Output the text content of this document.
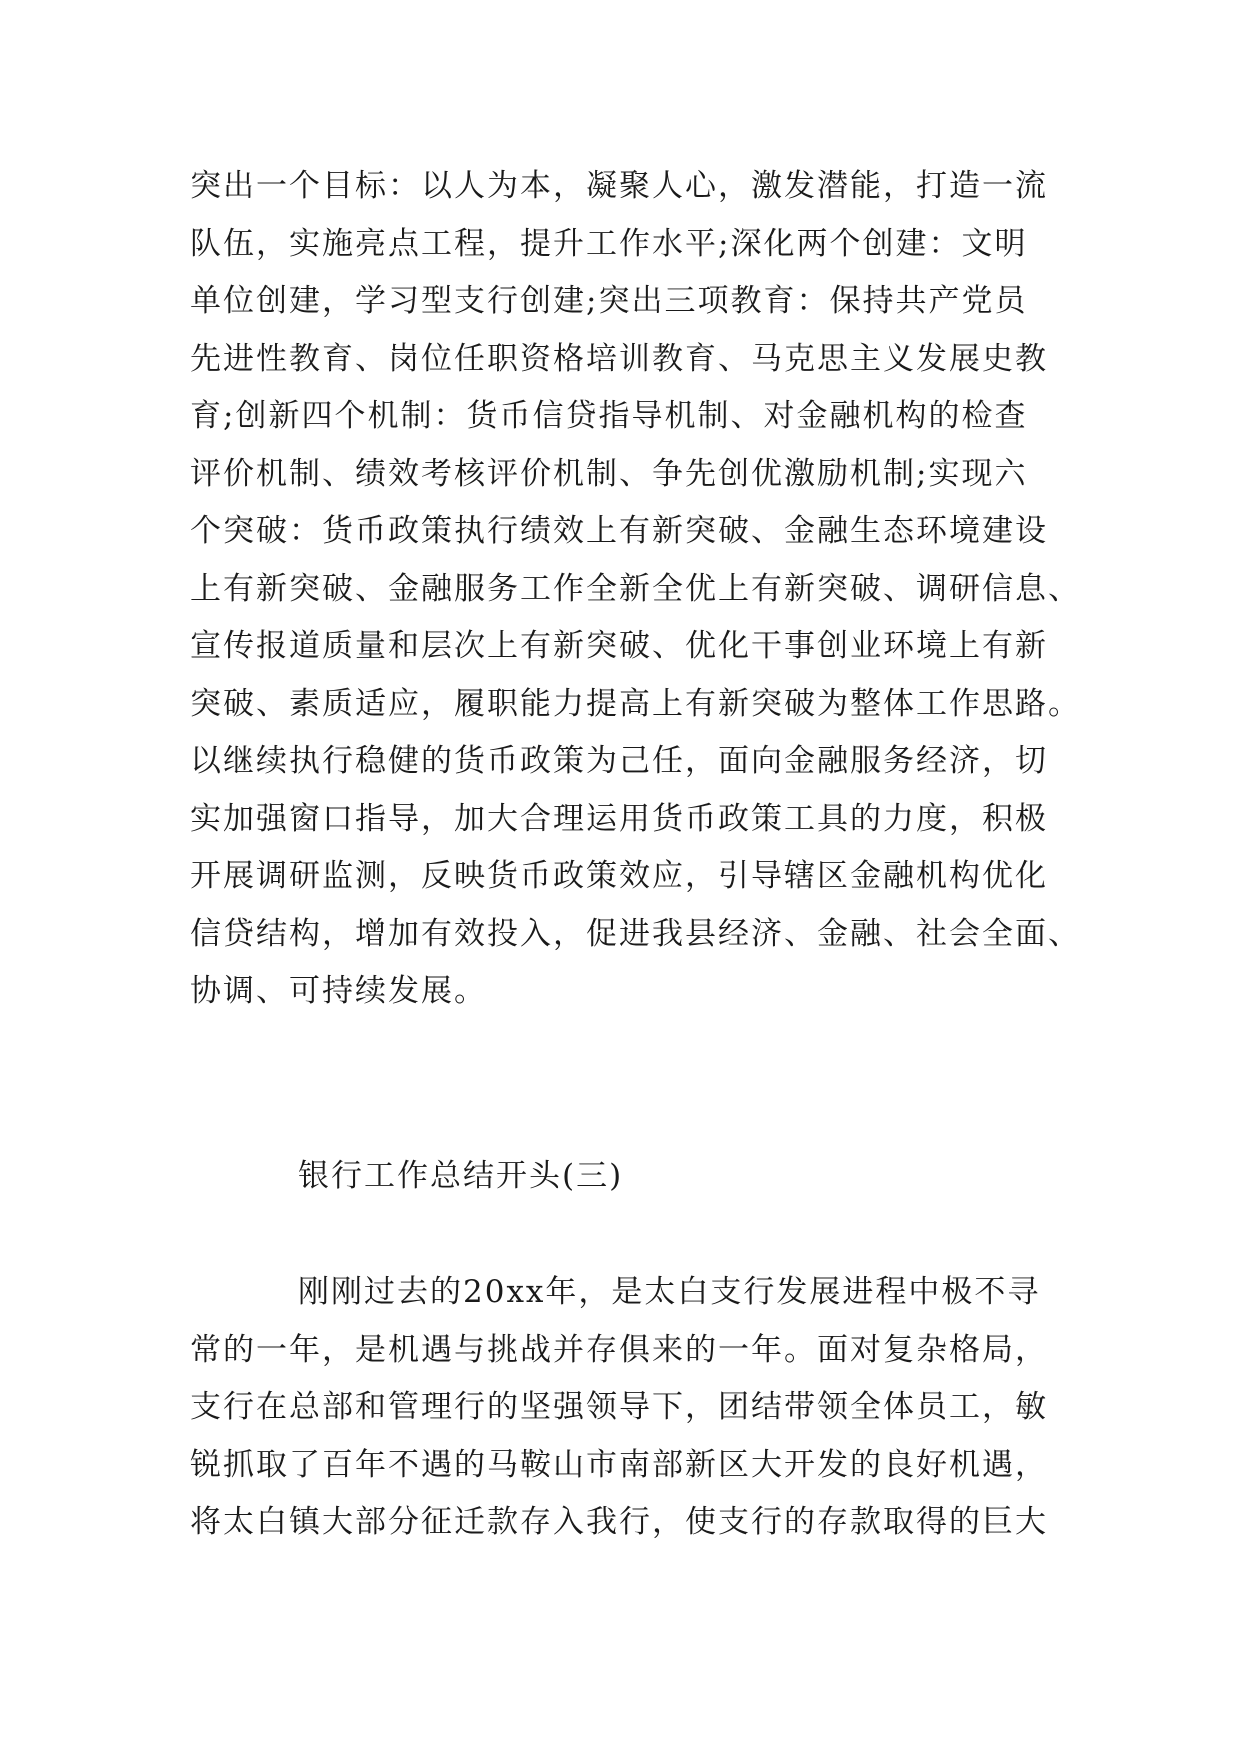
突出一个目标：以人为本，凝聚人心，激发潜能，打造一流
队伍，实施亮点工程，提升工作水平;深化两个创建：文明
单位创建，学习型支行创建;突出三项教育：保持共产党员
先进性教育、岗位任职资格培训教育、马克思主义发展史教
育;创新四个机制：货币信贷指导机制、对金融机构的检查
评价机制、绩效考核评价机制、争先创优激励机制;实现六
个突破：货币政策执行绩效上有新突破、金融生态环境建设
上有新突破、金融服务工作全新全优上有新突破、调研信息、
宣传报道质量和层次上有新突破、优化干事创业环境上有新
突破、素质适应，履职能力提高上有新突破为整体工作思路。
以继续执行稳健的货币政策为己任，面向金融服务经济，切
实加强窗口指导，加大合理运用货币政策工具的力度，积极
开展调研监测，反映货币政策效应，引导辖区金融机构优化
信贷结构，增加有效投入，促进我县经济、金融、社会全面、
协调、可持续发展。
银行工作总结开头(三)
刚刚过去的20xx年，是太白支行发展进程中极不寻
常的一年，是机遇与挑战并存俱来的一年。面对复杂格局，
支行在总部和管理行的坚强领导下，团结带领全体员工，敏
锐抓取了百年不遇的马鞍山市南部新区大开发的良好机遇，
将太白镇大部分征迁款存入我行，使支行的存款取得的巨大
